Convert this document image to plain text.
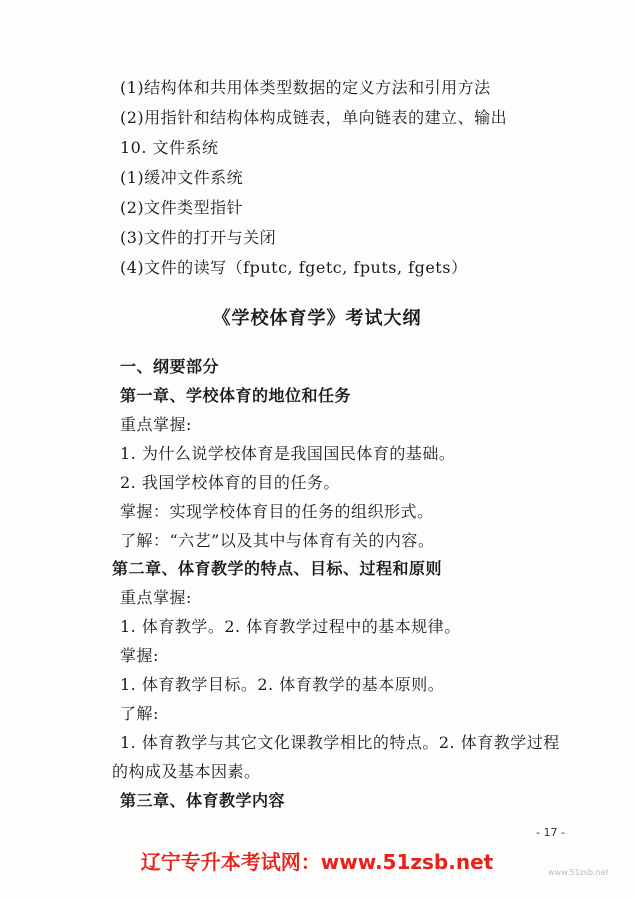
(1)结构体和共用体类型数据的定义方法和引用方法
(2)用指针和结构体构成链表，单向链表的建立、输出
10. 文件系统
(1)缓冲文件系统
(2)文件类型指针
(3)文件的打开与关闭
(4)文件的读写（fputc, fgetc, fputs, fgets）
《学校体育学》考试大纲
一、纲要部分
第一章、学校体育的地位和任务
重点掌握:
1. 为什么说学校体育是我国国民体育的基础。
2. 我国学校体育的目的任务。
掌握：实现学校体育目的任务的组织形式。
了解：“六艺”以及其中与体育有关的内容。
第二章、体育教学的特点、目标、过程和原则
重点掌握:
1. 体育教学。2. 体育教学过程中的基本规律。
掌握:
1. 体育教学目标。2. 体育教学的基本原则。
了解:
1. 体育教学与其它文化课教学相比的特点。2. 体育教学过程
的构成及基本因素。
第三章、体育教学内容
- 17 -
辽宁专升本考试网：www.51zsb.net	www.51zsb.net
